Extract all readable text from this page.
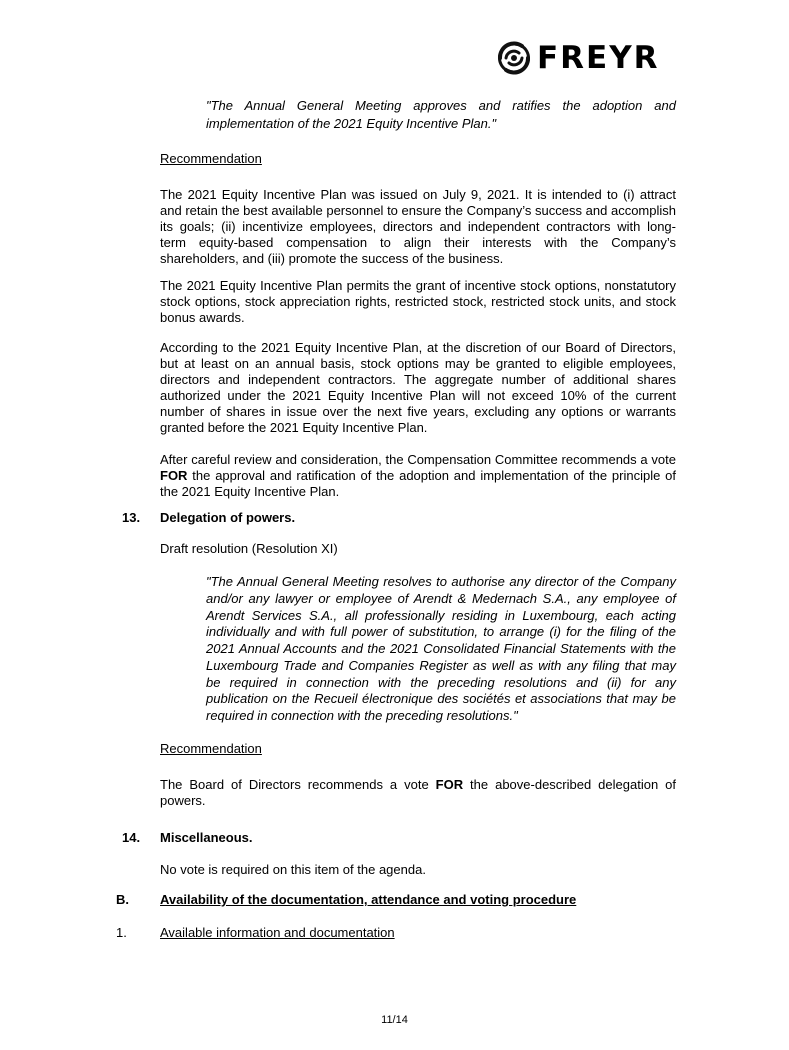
FREYR
"The Annual General Meeting approves and ratifies the adoption and
implementation of the 2021 Equity Incentive Plan."
Recommendation
The 2021 Equity Incentive Plan was issued on July 9, 2021. It is intended to (i) attract
and retain the best available personnel to ensure the Company’s success and accomplish
its goals; (ii) incentivize employees, directors and independent contractors with long-
term equity-based compensation to align their interests with the Company’s
shareholders, and (iii) promote the success of the business.
The 2021 Equity Incentive Plan permits the grant of incentive stock options, nonstatutory
stock options, stock appreciation rights, restricted stock, restricted stock units, and stock
bonus awards.
According to the 2021 Equity Incentive Plan, at the discretion of our Board of Directors,
but at least on an annual basis, stock options may be granted to eligible employees,
directors and independent contractors. The aggregate number of additional shares
authorized under the 2021 Equity Incentive Plan will not exceed 10% of the current
number of shares in issue over the next five years, excluding any options or warrants
granted before the 2021 Equity Incentive Plan.
After careful review and consideration, the Compensation Committee recommends a vote
FOR the approval and ratification of the adoption and implementation of the principle of
the 2021 Equity Incentive Plan.
13. Delegation of powers.
Draft resolution (Resolution XI)
"The Annual General Meeting resolves to authorise any director of the Company
and/or any lawyer or employee of Arendt & Medernach S.A., any employee of
Arendt Services S.A., all professionally residing in Luxembourg, each acting
individually and with full power of substitution, to arrange (i) for the filing of the
2021 Annual Accounts and the 2021 Consolidated Financial Statements with the
Luxembourg Trade and Companies Register as well as with any filing that may
be required in connection with the preceding resolutions and (ii) for any
publication on the Recueil électronique des sociétés et associations that may be
required in connection with the preceding resolutions."
Recommendation
The Board of Directors recommends a vote FOR the above-described delegation of
powers.
14. Miscellaneous.
No vote is required on this item of the agenda.
B. Availability of the documentation, attendance and voting procedure
1.	Available information and documentation
11/14
